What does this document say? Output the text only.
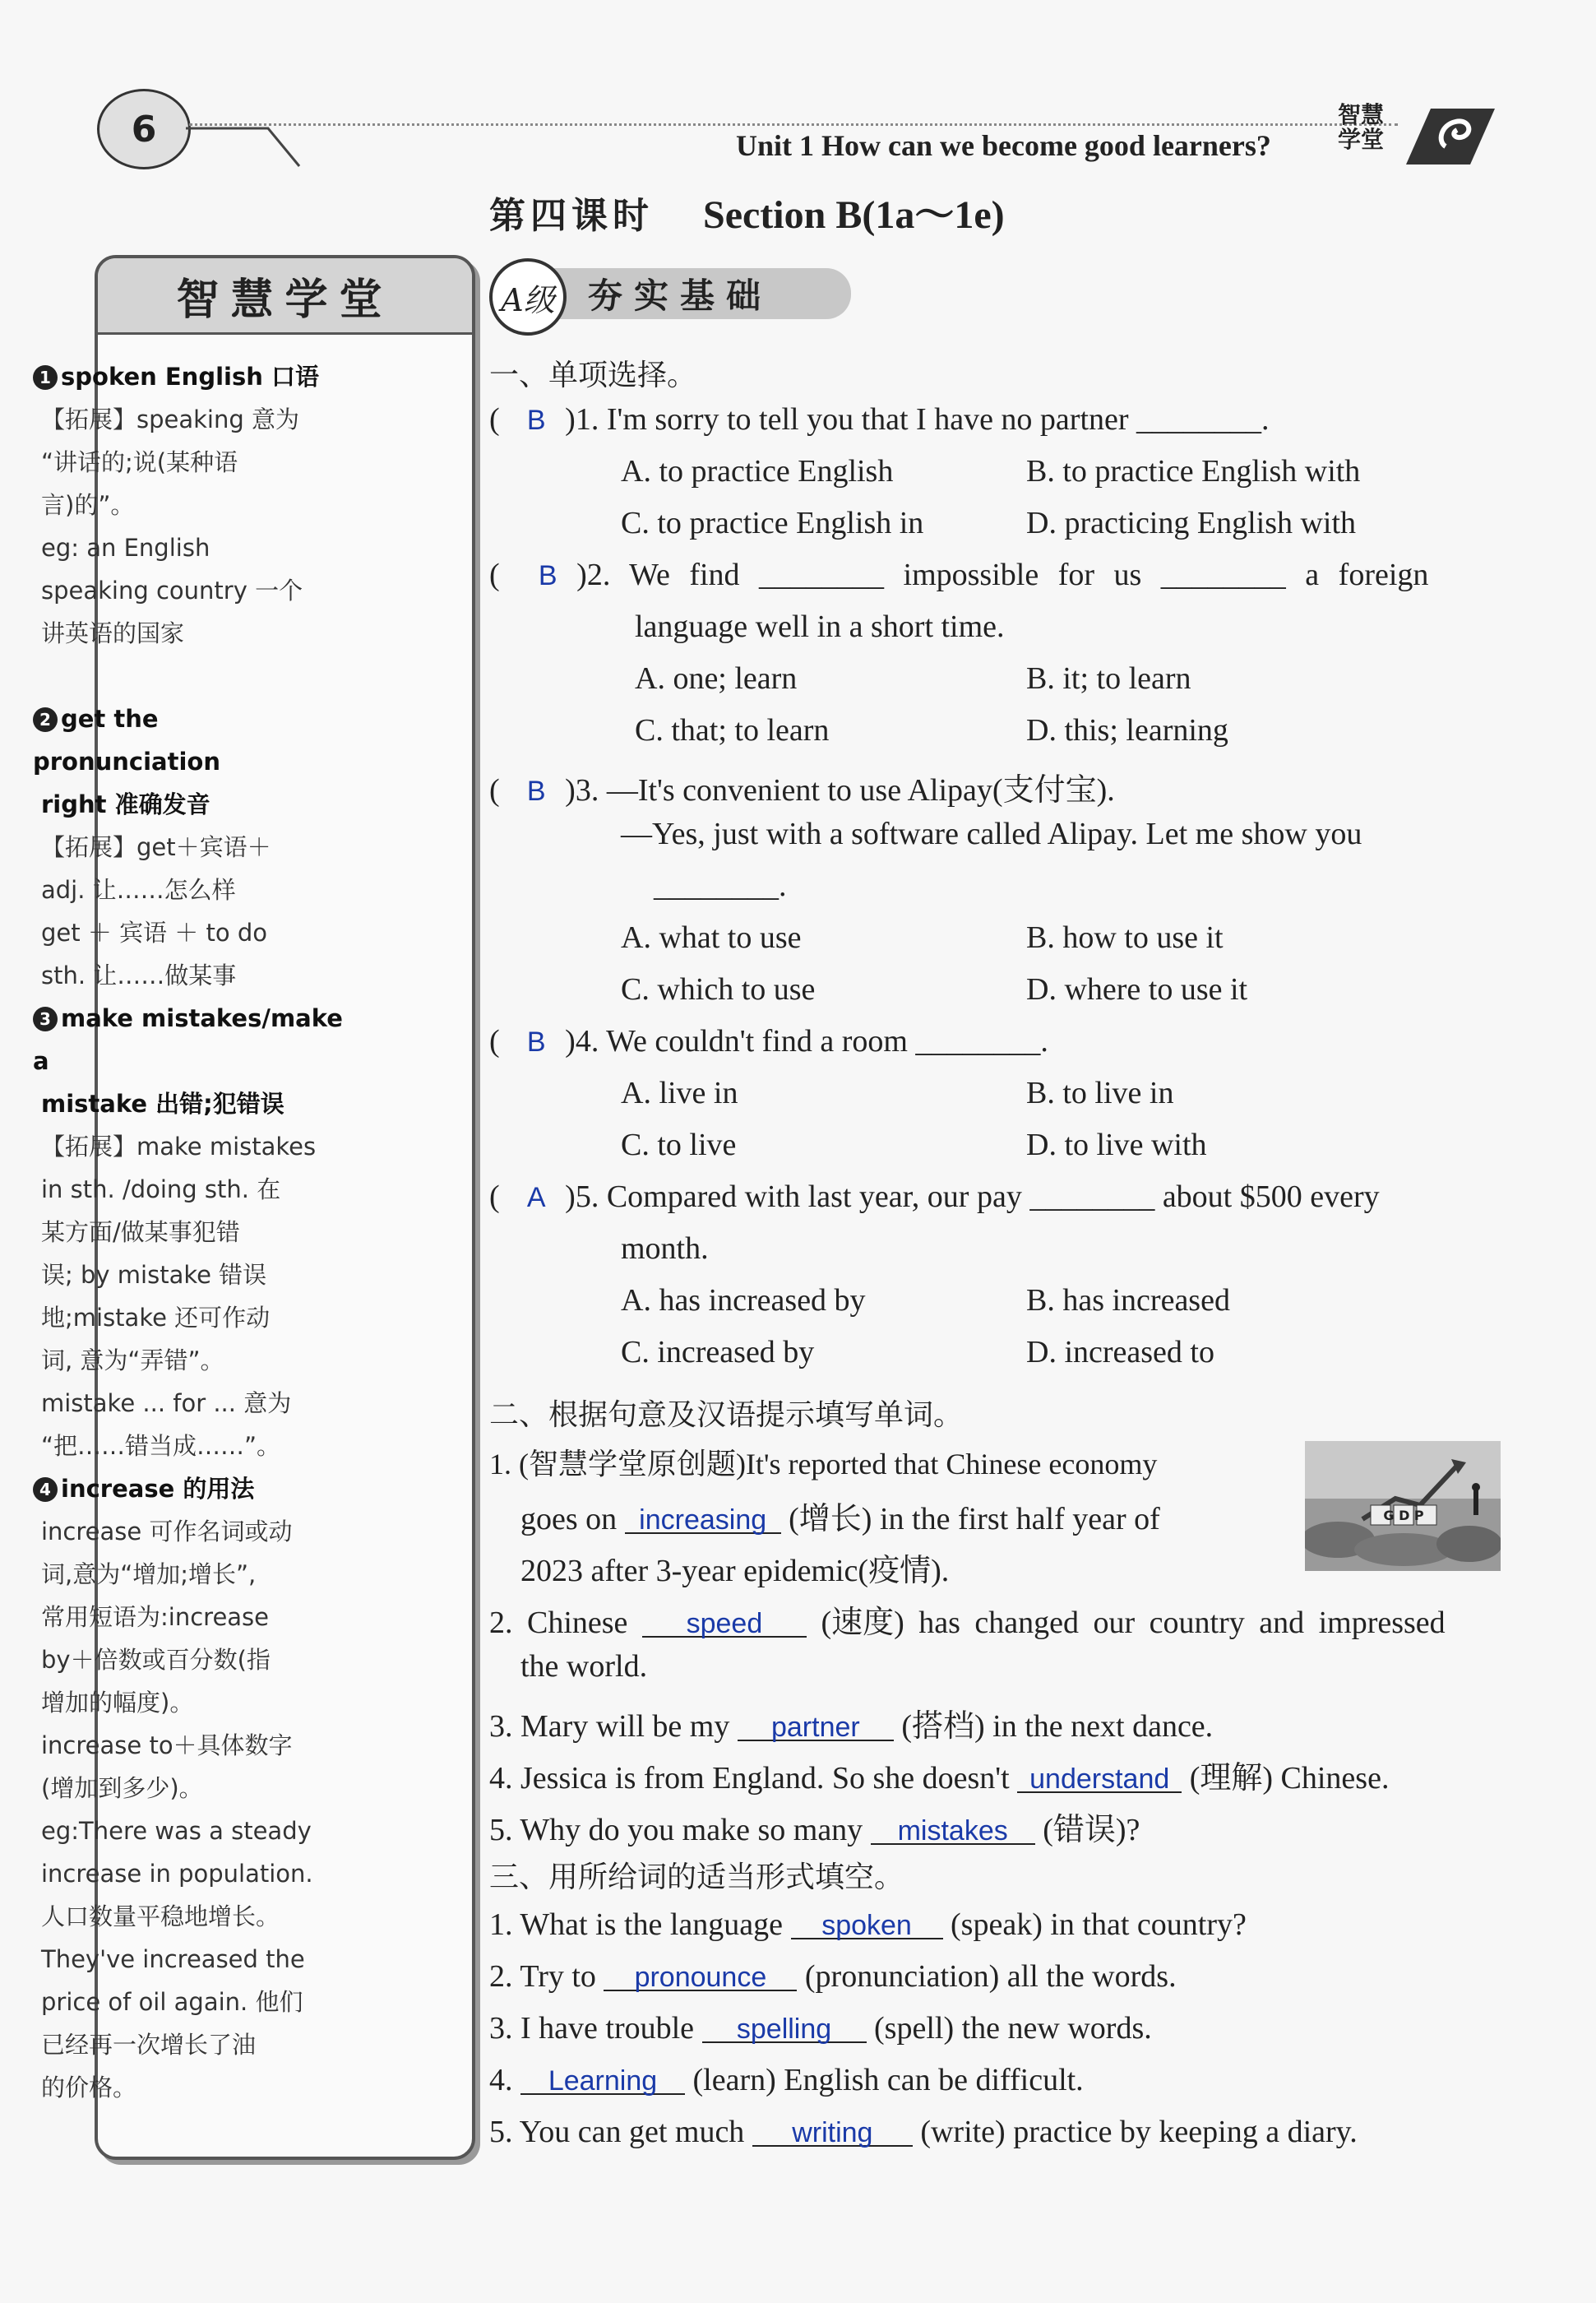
6	Unit 1 How can we become good learners?
智慧
学堂
智慧学堂

1 spoken English 口语

【拓展】speaking 意为

“讲话的;说(某种语

言)的”。

eg: an English

speaking country 一个

讲英语的国家

2 get the pronunciation

right 准确发音

【拓展】get＋宾语＋

adj. 让……怎么样

get ＋ 宾语 ＋ to do

sth. 让……做某事

3 make mistakes/make a

mistake 出错;犯错误

【拓展】make mistakes

in sth. /doing sth. 在

某方面/做某事犯错

误; by mistake 错误

地;mistake 还可作动

词, 意为“弄错”。

mistake ... for ... 意为

“把……错当成……”。

4 increase 的用法

increase 可作名词或动

词,意为“增加;增长”,

常用短语为:increase

by＋倍数或百分数(指

增加的幅度)。

increase to＋具体数字

(增加到多少)。

eg:There was a steady

increase in population.

人口数量平稳地增长。

They've increased the

price of oil again. 他们

已经再一次增长了油

的价格。

第四课时 Section B(1a～1e)
夯实基础
A级
一、单项选择。
( B )1. I'm sorry to tell you that I have no partner ________.
A. to practice English	B. to practice English with
C. to practice English in	D. practicing English with
( B )2. We find ________ impossible for us ________ a foreign
language well in a short time.
A. one; learn	B. it; to learn
C. that; to learn	D. this; learning
( B )3. —It's convenient to use Alipay(支付宝).
—Yes, just with a software called Alipay. Let me show you
________.
A. what to use	B. how to use it
C. which to use	D. where to use it
( B )4. We couldn't find a room ________.
A. live in	B. to live in
C. to live	D. to live with
( A )5. Compared with last year, our pay ________ about $500 every
month.
A. has increased by	B. has increased
C. increased by	D. increased to
二、根据句意及汉语提示填写单词。
1. (智慧学堂原创题)It's reported that Chinese economy
goes on increasing (增长) in the first half year of
2023 after 3-year epidemic(疫情).
G D P
2. Chinese speed (速度) has changed our country and impressed
the world.
3. Mary will be my partner (搭档) in the next dance.
4. Jessica is from England. So she doesn't understand (理解) Chinese.
5. Why do you make so many mistakes (错误)?
三、用所给词的适当形式填空。
1. What is the language spoken (speak) in that country?
2. Try to pronounce (pronunciation) all the words.
3. I have trouble spelling (spell) the new words.
4. Learning (learn) English can be difficult.
5. You can get much writing (write) practice by keeping a diary.
